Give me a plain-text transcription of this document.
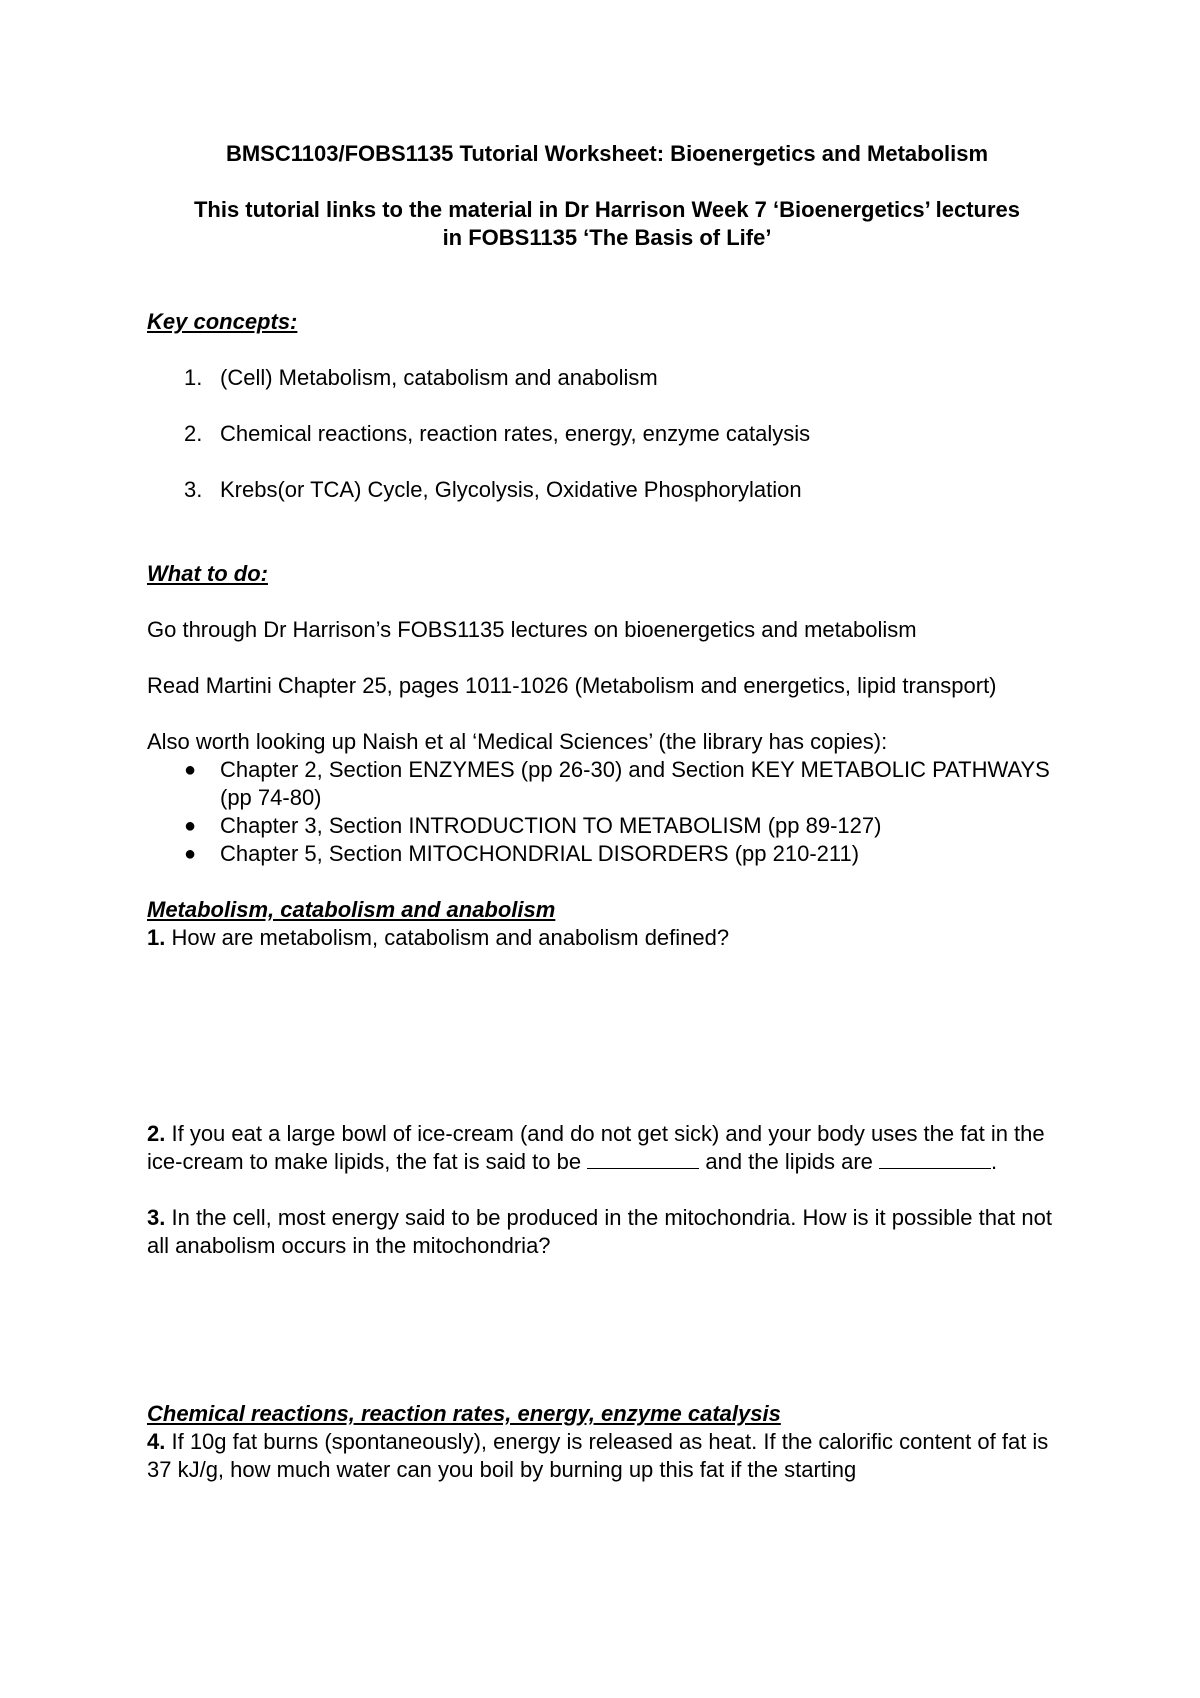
BMSC1103/FOBS1135 Tutorial Worksheet: Bioenergetics and Metabolism

This tutorial links to the material in Dr Harrison Week 7 ‘Bioenergetics’ lectures
in FOBS1135 ‘The Basis of Life’

Key concepts:

1. (Cell) Metabolism, catabolism and anabolism
2. Chemical reactions, reaction rates, energy, enzyme catalysis
3. Krebs(or TCA) Cycle, Glycolysis, Oxidative Phosphorylation

What to do:

Go through Dr Harrison’s FOBS1135 lectures on bioenergetics and metabolism

Read Martini Chapter 25, pages 1011-1026 (Metabolism and energetics, lipid transport)

Also worth looking up Naish et al ‘Medical Sciences’ (the library has copies):

●	Chapter 2, Section ENZYMES (pp 26-30) and Section KEY METABOLIC PATHWAYS (pp 74-80)
●	Chapter 3, Section INTRODUCTION TO METABOLISM (pp 89-127)
●	Chapter 5, Section MITOCHONDRIAL DISORDERS (pp 210-211)

Metabolism, catabolism and anabolism

1. How are metabolism, catabolism and anabolism defined?

2. If you eat a large bowl of ice-cream (and do not get sick) and your body uses the fat in the ice-cream to make lipids, the fat is said to be	and the lipids are	.

3. In the cell, most energy said to be produced in the mitochondria. How is it possible that not all anabolism occurs in the mitochondria?

Chemical reactions, reaction rates, energy, enzyme catalysis

4. If 10g fat burns (spontaneously), energy is released as heat. If the calorific content of fat is 37 kJ/g, how much water can you boil by burning up this fat if the starting
